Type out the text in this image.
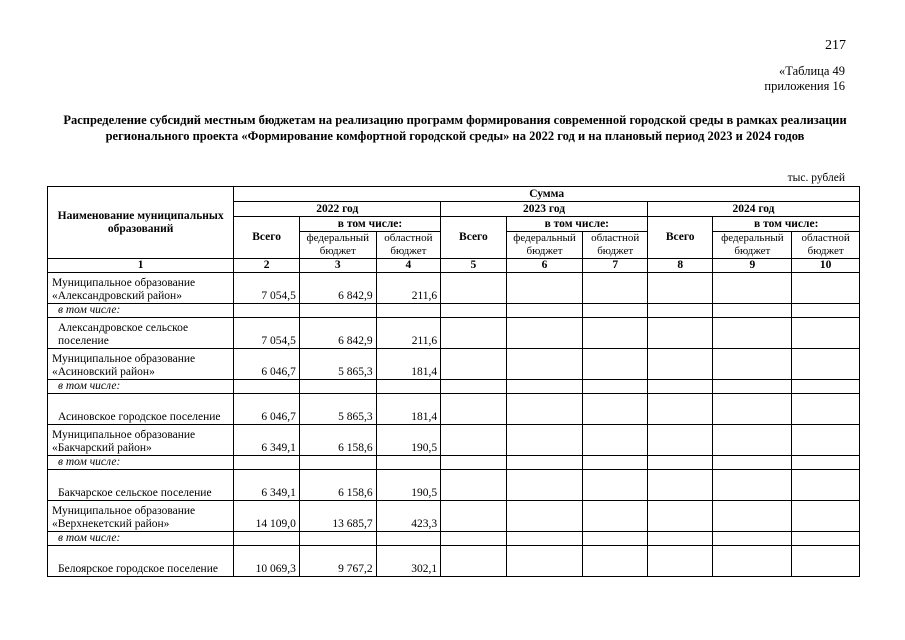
217
«Таблица 49
приложения 16
Распределение субсидий местным бюджетам на реализацию программ формирования современной городской среды в рамках реализации регионального проекта «Формирование комфортной городской среды» на 2022 год и на плановый период 2023 и 2024 годов
тыс. рублей
Наименование муниципальных образований	Сумма								
	2022 год			2023 год			2024 год		
	Всего	в том числе:		Всего	в том числе:		Всего	в том числе:	
		федеральный бюджет	областной бюджет		федеральный бюджет	областной бюджет		федеральный бюджет	областной бюджет
1	2	3	4	5	6	7	8	9	10
Муниципальное образование «Александровский район»	7 054,5	6 842,9	211,6						
в том числе:									
Александровское сельское поселение	7 054,5	6 842,9	211,6						
Муниципальное образование «Асиновский район»	6 046,7	5 865,3	181,4						
в том числе:									
Асиновское городское поселение	6 046,7	5 865,3	181,4						
Муниципальное образование «Бакчарский район»	6 349,1	6 158,6	190,5						
в том числе:									
Бакчарское сельское поселение	6 349,1	6 158,6	190,5						
Муниципальное образование «Верхнекетский район»	14 109,0	13 685,7	423,3						
в том числе:									
Белоярское городское поселение	10 069,3	9 767,2	302,1						
